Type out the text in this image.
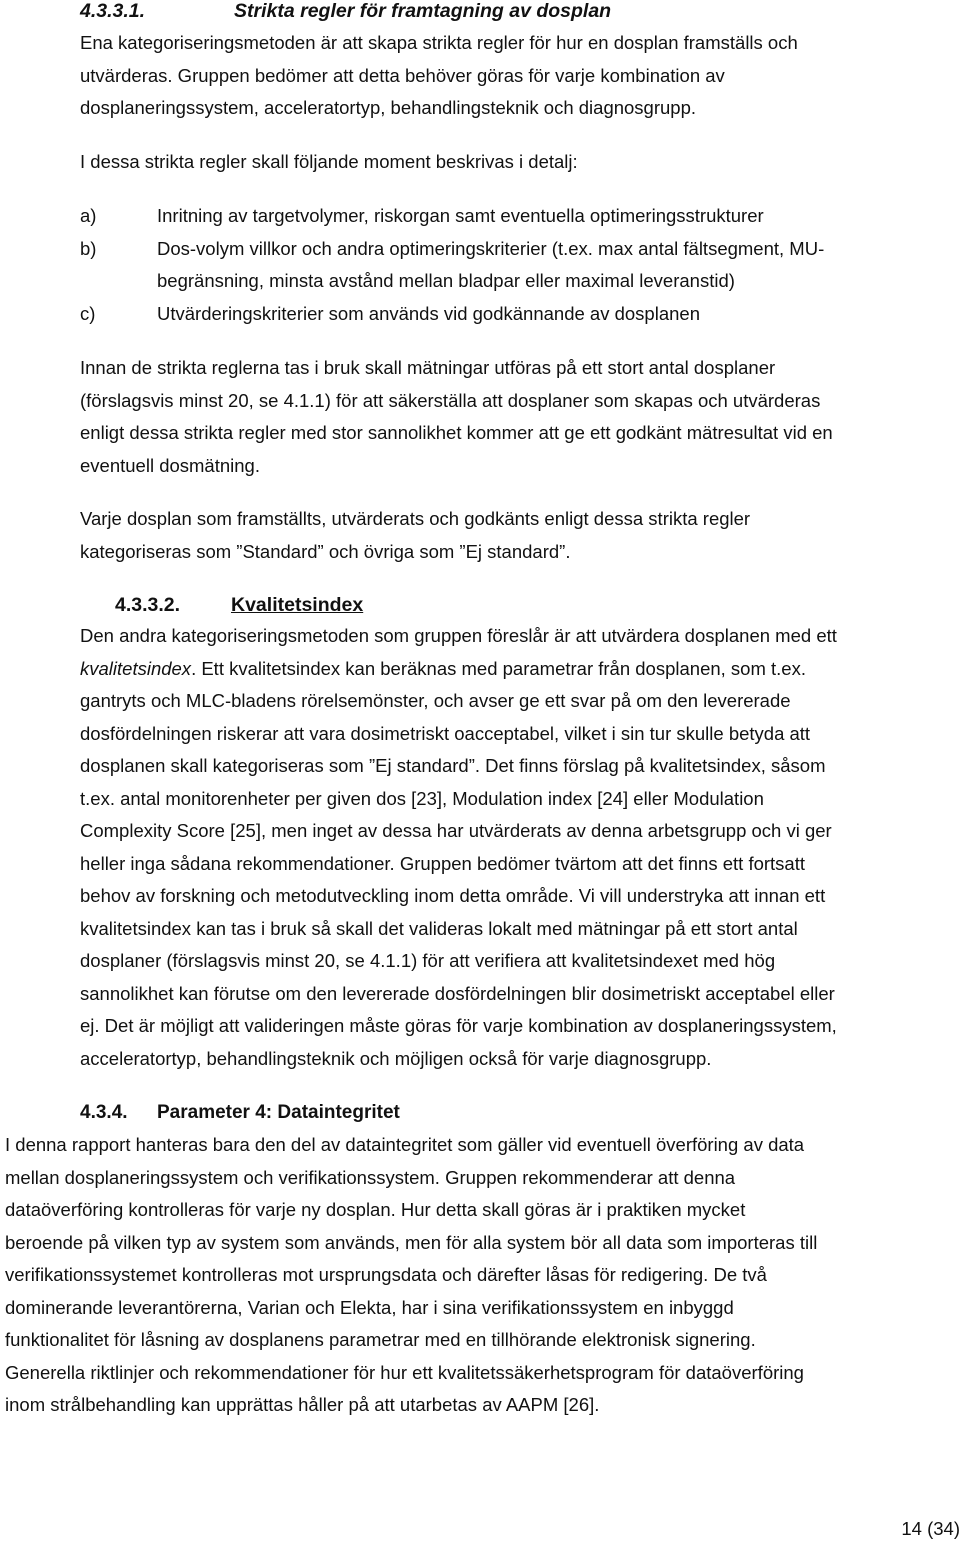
4.3.3.1.	Strikta regler för framtagning av dosplan
Ena kategoriseringsmetoden är att skapa strikta regler för hur en dosplan framställs och
utvärderas. Gruppen bedömer att detta behöver göras för varje kombination av
dosplaneringssystem, acceleratortyp, behandlingsteknik och diagnosgrupp.
I dessa strikta regler skall följande moment beskrivas i detalj:
a)	Inritning av targetvolymer, riskorgan samt eventuella optimeringsstrukturer
b)	Dos-volym villkor och andra optimeringskriterier (t.ex. max antal fältsegment, MU-
begränsning, minsta avstånd mellan bladpar eller maximal leveranstid)
c)	Utvärderingskriterier som används vid godkännande av dosplanen
Innan de strikta reglerna tas i bruk skall mätningar utföras på ett stort antal dosplaner
(förslagsvis minst 20, se 4.1.1) för att säkerställa att dosplaner som skapas och utvärderas
enligt dessa strikta regler med stor sannolikhet kommer att ge ett godkänt mätresultat vid en
eventuell dosmätning.
Varje dosplan som framställts, utvärderats och godkänts enligt dessa strikta regler
kategoriseras som ”Standard” och övriga som ”Ej standard”.
4.3.3.2.	Kvalitetsindex
Den andra kategoriseringsmetoden som gruppen föreslår är att utvärdera dosplanen med ett
kvalitetsindex. Ett kvalitetsindex kan beräknas med parametrar från dosplanen, som t.ex.
gantryts och MLC-bladens rörelsemönster, och avser ge ett svar på om den levererade
dosfördelningen riskerar att vara dosimetriskt oacceptabel, vilket i sin tur skulle betyda att
dosplanen skall kategoriseras som ”Ej standard”. Det finns förslag på kvalitetsindex, såsom
t.ex. antal monitorenheter per given dos [23], Modulation index [24] eller Modulation
Complexity Score [25], men inget av dessa har utvärderats av denna arbetsgrupp och vi ger
heller inga sådana rekommendationer. Gruppen bedömer tvärtom att det finns ett fortsatt
behov av forskning och metodutveckling inom detta område. Vi vill understryka att innan ett
kvalitetsindex kan tas i bruk så skall det valideras lokalt med mätningar på ett stort antal
dosplaner (förslagsvis minst 20, se 4.1.1) för att verifiera att kvalitetsindexet med hög
sannolikhet kan förutse om den levererade dosfördelningen blir dosimetriskt acceptabel eller
ej. Det är möjligt att valideringen måste göras för varje kombination av dosplaneringssystem,
acceleratortyp, behandlingsteknik och möjligen också för varje diagnosgrupp.
4.3.4. Parameter 4: Dataintegritet
I denna rapport hanteras bara den del av dataintegritet som gäller vid eventuell överföring av data
mellan dosplaneringssystem och verifikationssystem. Gruppen rekommenderar att denna
dataöverföring kontrolleras för varje ny dosplan. Hur detta skall göras är i praktiken mycket
beroende på vilken typ av system som används, men för alla system bör all data som importeras till
verifikationssystemet kontrolleras mot ursprungsdata och därefter låsas för redigering. De två
dominerande leverantörerna, Varian och Elekta, har i sina verifikationssystem en inbyggd
funktionalitet för låsning av dosplanens parametrar med en tillhörande elektronisk signering.
Generella riktlinjer och rekommendationer för hur ett kvalitetssäkerhetsprogram för dataöverföring
inom strålbehandling kan upprättas håller på att utarbetas av AAPM [26].
14 (34)
